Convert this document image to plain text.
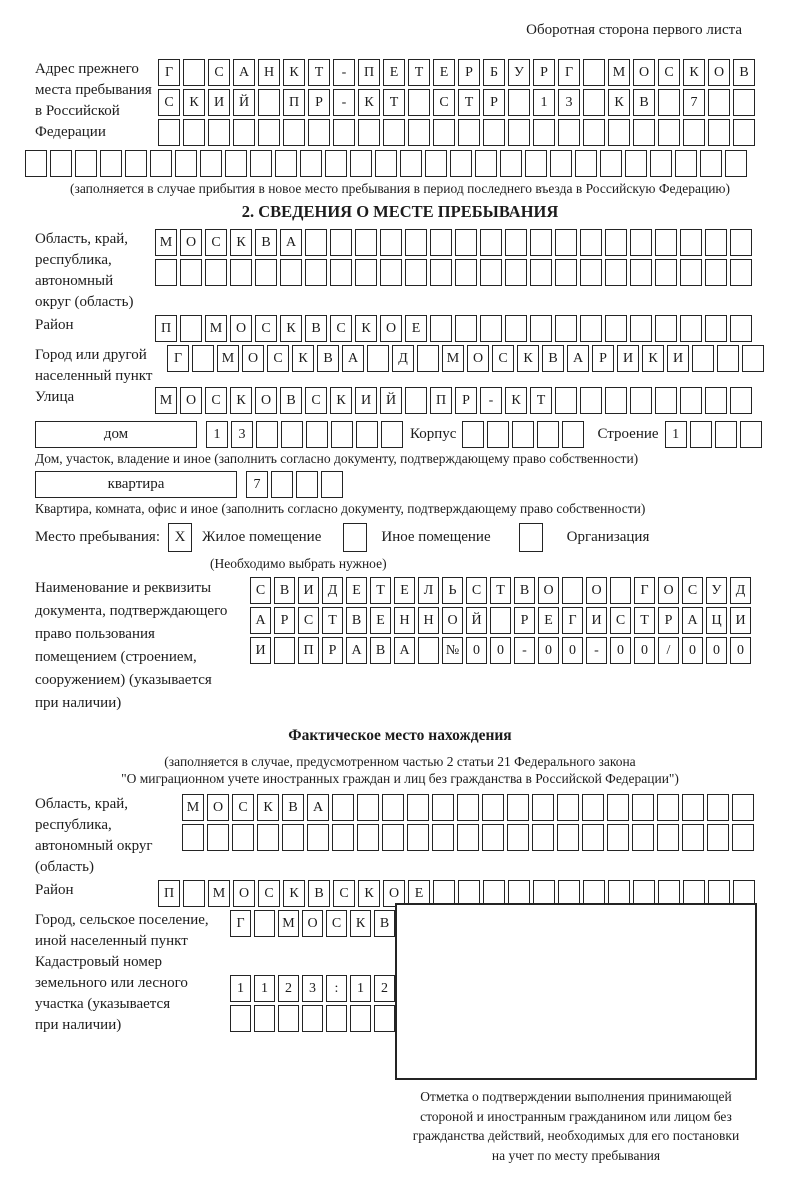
Оборотная сторона первого листа
Адрес прежнего
места пребывания
в Российской
Федерации
Г	С	А	Н	К	Т	-	П	Е	Т	Е	Р	Б	У	Р	Г	М О	С	К	О	В
С	К	И	Й	П	Р	-	К	Т	С	Т	Р	1	3	К	В	7
(заполняется в случае прибытия в новое место пребывания в период последнего въезда в Российскую Федерацию)
2. СВЕДЕНИЯ О МЕСТЕ ПРЕБЫВАНИЯ
Область, край,
республика,
автономный
округ (область)
М О	С	К	В	А
Район	П	М О	С	К	В	С	К	О	Е
Город или другой
населенный пункт
Г	М О	С	К	В	А	Д	М О	С	К	В	А	Р	И	К	И
Улица	М О	С	К	О	В	С	К	И	Й	П	Р	-	К	Т
дом	1	3	Корпус	Строение 1
Дом, участок, владение и иное (заполнить согласно документу, подтверждающему право собственности)
квартира	7
Квартира, комната, офис и иное (заполнить согласно документу, подтверждающему право собственности)
Место пребывания: X	Жилое помещение	Иное помещение	Организация
(Необходимо выбрать нужное)
Наименование и реквизиты
документа, подтверждающего
право пользования
помещением (строением,
сооружением) (указывается
при наличии)
С	В	И	Д	Е	Т	Е	Л	Ь	С	Т	В	О	О	Г	О	С	У	Д
А	Р	С	Т	В	Е	Н Н О Й	Р	Е	Г	И	С	Т	Р	А Ц И
И	П	Р	А	В	А	№ 0	0	-	0	0	-	0	0	/	0	0	0
Фактическое место нахождения
(заполняется в случае, предусмотренном частью 2 статьи 21 Федерального закона
"О миграционном учете иностранных граждан и лиц без гражданства в Российской Федерации")
Область, край,
республика,
автономный округ
(область)
М О	С	К	В	А
Район	П	М О	С	К	В	С	К	О	Е
Город, сельское поселение,
иной населенный пункт
Г	М О	С	К	В
Кадастровый номер
земельного или лесного
участка (указывается
при наличии)
1	1	2	3	:	1	2
Отметка о подтверждении выполнения принимающей
стороной и иностранным гражданином или лицом без
гражданства действий, необходимых для его постановки
на учет по месту пребывания
